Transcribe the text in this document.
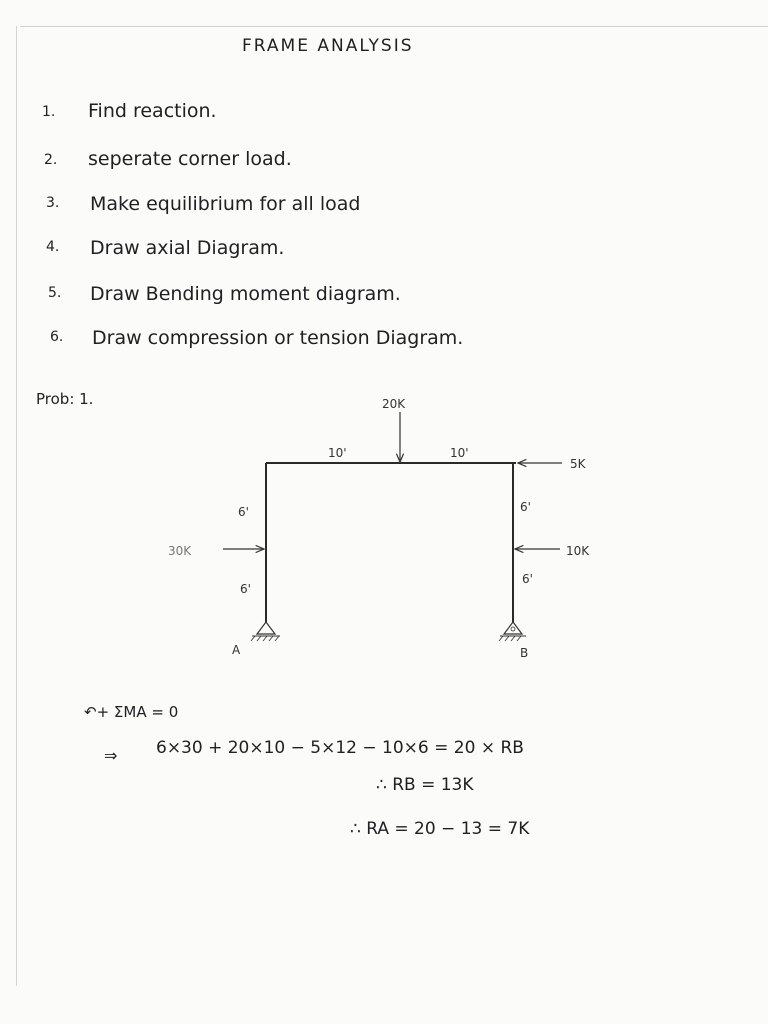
FRAME ANALYSIS
1. Find reaction.
2. seperate corner load.
3. Make equilibrium for all load
4. Draw axial Diagram.
5. Draw Bending moment diagram.
6. Draw compression or tension Diagram.
Prob: 1.	20K
5K
30K	10K
10'	10'
6'
6'
6'
6'
A	B
↶+ ΣMA = 0
⇒ 6×30 + 20×10 − 5×12 − 10×6 = 20 × RB
∴ RB = 13K
∴ RA = 20 − 13 = 7K
